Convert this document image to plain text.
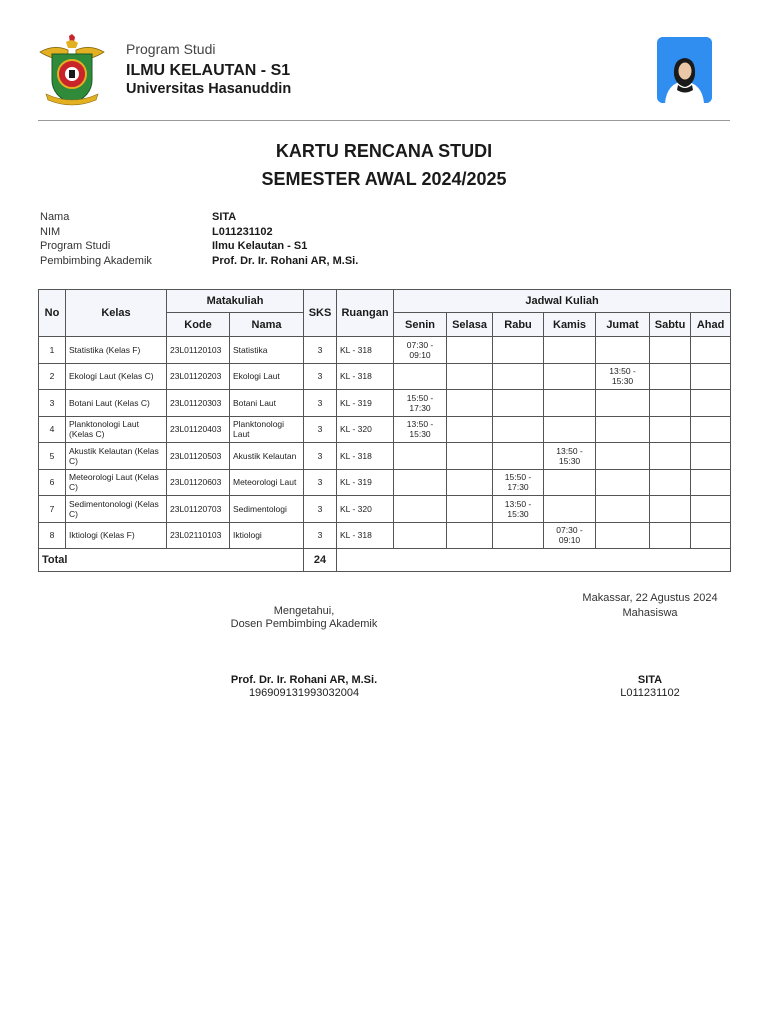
Program Studi
ILMU KELAUTAN - S1
Universitas Hasanuddin
KARTU RENCANA STUDI
SEMESTER AWAL 2024/2025
Nama	SITA
NIM	L011231102
Program Studi	Ilmu Kelautan - S1
Pembimbing Akademik	Prof. Dr. Ir. Rohani AR, M.Si.
No	Kelas	Matakuliah		SKS	Ruangan	Jadwal Kuliah						
		Kode	Nama			Senin	Selasa	Rabu	Kamis	Jumat	Sabtu	Ahad
1	Statistika (Kelas F)	23L01120103	Statistika	3	KL - 318	07:30 - 09:10						
2	Ekologi Laut (Kelas C)	23L01120203	Ekologi Laut	3	KL - 318					13:50 - 15:30		
3	Botani Laut (Kelas C)	23L01120303	Botani Laut	3	KL - 319	15:50 - 17:30						
4	Planktonologi Laut (Kelas C)	23L01120403	Planktonologi Laut	3	KL - 320	13:50 - 15:30						
5	Akustik Kelautan (Kelas C)	23L01120503	Akustik Kelautan	3	KL - 318				13:50 - 15:30			
6	Meteorologi Laut (Kelas C)	23L01120603	Meteorologi Laut	3	KL - 319			15:50 - 17:30				
7	Sedimentonologi (Kelas C)	23L01120703	Sedimentologi	3	KL - 320			13:50 - 15:30				
8	Iktiologi (Kelas F)	23L02110103	Iktiologi	3	KL - 318				07:30 - 09:10			
Total				24								
Makassar, 22 Agustus 2024
Mahasiswa
Mengetahui,
Dosen Pembimbing Akademik
Prof. Dr. Ir. Rohani AR, M.Si.
196909131993032004
SITA
L011231102
